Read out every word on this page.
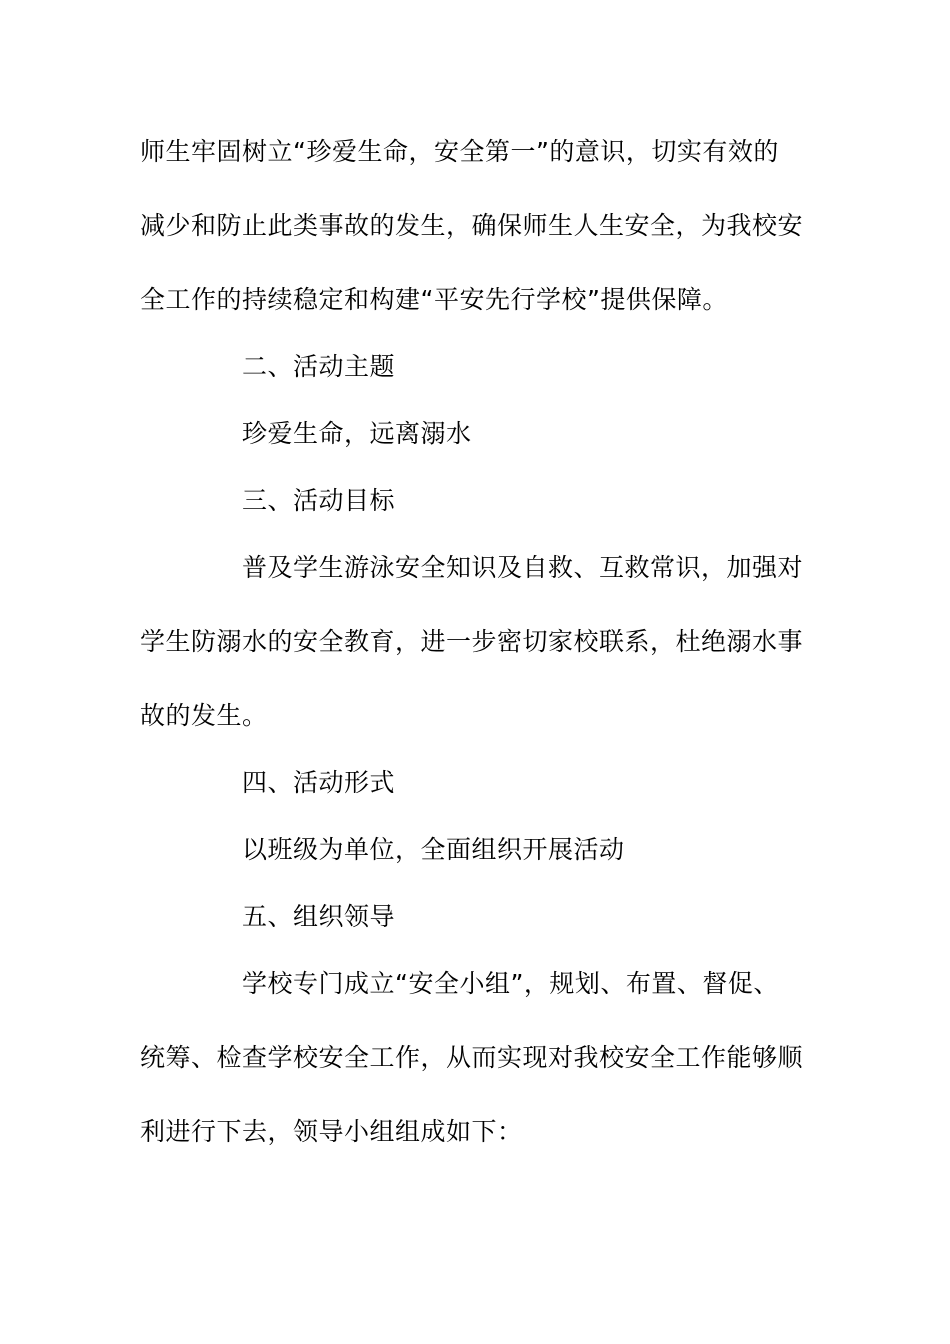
师生牢固树立“珍爱生命，安全第一”的意识，切实有效的
减少和防止此类事故的发生，确保师生人生安全，为我校安
全工作的持续稳定和构建“平安先行学校”提供保障。
二、活动主题
珍爱生命，远离溺水
三、活动目标
普及学生游泳安全知识及自救、互救常识，加强对
学生防溺水的安全教育，进一步密切家校联系，杜绝溺水事
故的发生。
四、活动形式
以班级为单位，全面组织开展活动
五、组织领导
学校专门成立“安全小组”，规划、布置、督促、
统筹、检查学校安全工作，从而实现对我校安全工作能够顺
利进行下去，领导小组组成如下：
